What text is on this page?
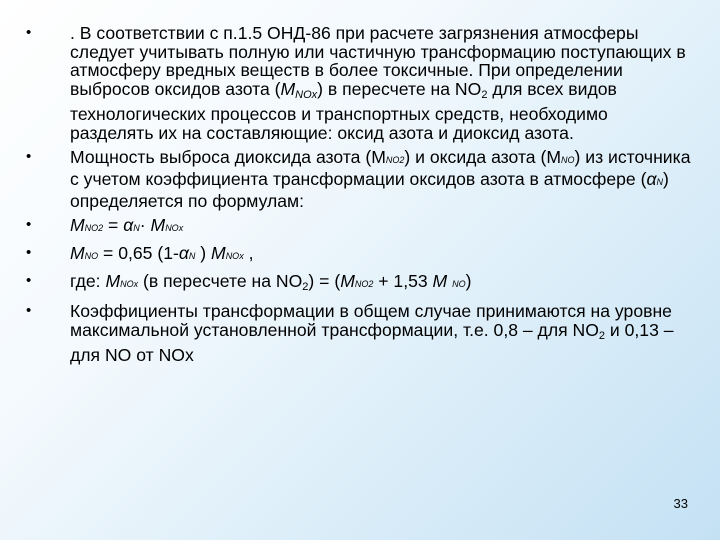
• . В соответствии с п.1.5 ОНД-86 при расчете загрязнения атмосферы следует учитывать полную или частичную трансформацию поступающих в атмосферу вредных веществ в более токсичные. При определении выбросов оксидов азота (MNOx) в пересчете на $NO_2$ для всех видов технологических процессов и транспортных средств, необходимо разделять их на составляющие: оксид азота и диоксид азота.
• Мощность выброса диоксида азота (MNO2) и оксида азота (MNO) из источника с учетом коэффициента трансформации оксидов азота в атмосфере (αN) определяется по формулам:
• MNO2 = αN· MNOx
• MNO = 0,65 (1-αN ) MNOx ,
• где: MNOx (в пересчете на $NO_2) = (MNO2 + 1,53$ M NO)
• Коэффициенты трансформации в общем случае принимаются на уровне максимальной установленной трансформации, т.е. 0,8 – для $NO_2$ и 0,13 – для NO от NOx
33
